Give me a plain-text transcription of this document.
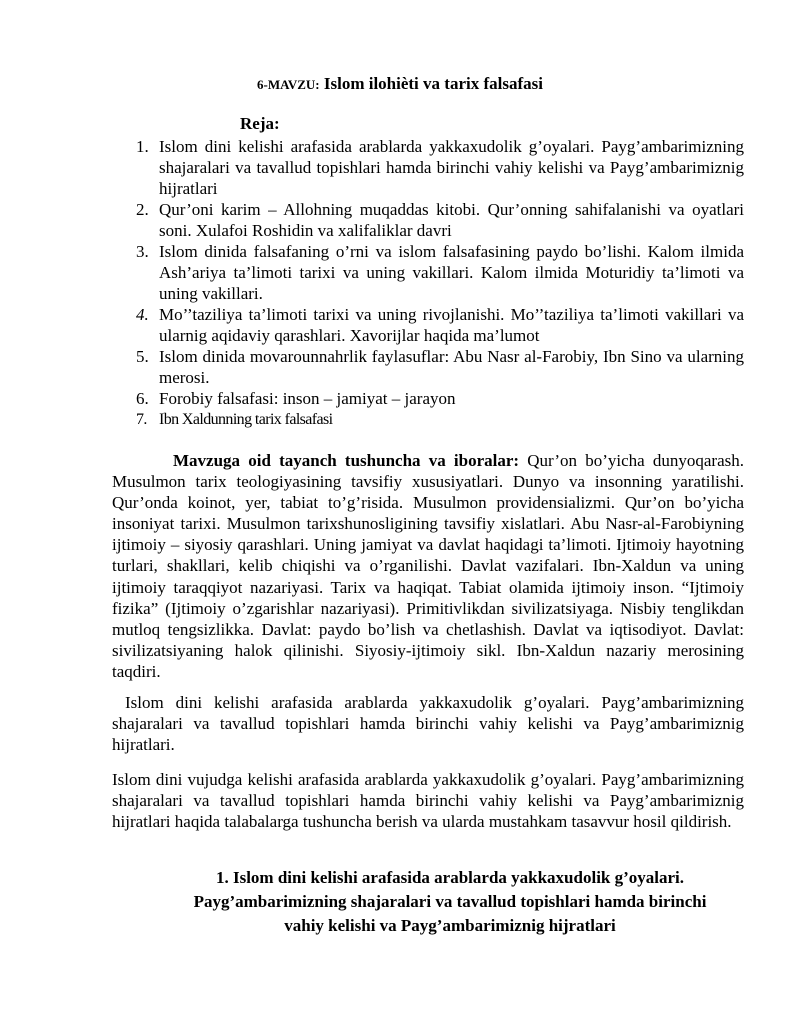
6-MAVZU: Islom ilohièti va tarix falsafasi
Reja:
1. Islom dini kelishi arafasida arablarda yakkaxudolik g’oyalari. Payg’ambarimizning shajaralari va tavallud topishlari hamda birinchi vahiy kelishi va Payg’ambarimiznig hijratlari
2. Qur’oni karim – Allohning muqaddas kitobi. Qur’onning sahifalanishi va oyatlari soni. Xulafoi Roshidin va xalifaliklar davri
3. Islom dinida falsafaning o’rni va islom falsafasining paydo bo’lishi. Kalom ilmida Ash’ariya ta’limoti tarixi va uning vakillari. Kalom ilmida Moturidiy ta’limoti va uning vakillari.
4. Mo’’taziliya ta’limoti tarixi va uning rivojlanishi. Mo’’taziliya ta’limoti vakillari va ularnig aqidaviy qarashlari. Xavorijlar haqida ma’lumot
5. Islom dinida movarounnahrlik faylasuflar: Abu Nasr al-Farobiy, Ibn Sino va ularning merosi.
6. Forobiy falsafasi: inson – jamiyat – jarayon
7. Ibn Xaldunning tarix falsafasi

Mavzuga oid tayanch tushuncha va iboralar: Qur’on bo’yicha dunyoqarash. Musulmon tarix teologiyasining tavsifiy xususiyatlari. Dunyo va insonning yaratilishi. Qur’onda koinot, yer, tabiat to’g’risida. Musulmon providensializmi. Qur’on bo’yicha insoniyat tarixi. Musulmon tarixshunosligining tavsifiy xislatlari. Abu Nasr-al-Farobiyning ijtimoiy – siyosiy qarashlari. Uning jamiyat va davlat haqidagi ta’limoti. Ijtimoiy hayotning turlari, shakllari, kelib chiqishi va o’rganilishi. Davlat vazifalari. Ibn-Xaldun va uning ijtimoiy taraqqiyot nazariyasi. Tarix va haqiqat. Tabiat olamida ijtimoiy inson. “Ijtimoiy fizika” (Ijtimoiy o’zgarishlar nazariyasi). Primitivlikdan sivilizatsiyaga. Nisbiy tenglikdan mutloq tengsizlikka. Davlat: paydo bo’lish va chetlashish. Davlat va iqtisodiyot. Davlat: sivilizatsiyaning halok qilinishi. Siyosiy-ijtimoiy sikl. Ibn-Xaldun nazariy merosining taqdiri.

Islom dini kelishi arafasida arablarda yakkaxudolik g’oyalari. Payg’ambarimizning shajaralari va tavallud topishlari hamda birinchi vahiy kelishi va Payg’ambarimiznig hijratlari.

Islom dini vujudga kelishi arafasida arablarda yakkaxudolik g’oyalari. Payg’ambarimizning shajaralari va tavallud topishlari hamda birinchi vahiy kelishi va Payg’ambarimiznig hijratlari haqida talabalarga tushuncha berish va ularda mustahkam tasavvur hosil qildirish.

1. Islom dini kelishi arafasida arablarda yakkaxudolik g’oyalari.
Payg’ambarimizning shajaralari va tavallud topishlari hamda birinchi
vahiy kelishi va Payg’ambarimiznig hijratlari
